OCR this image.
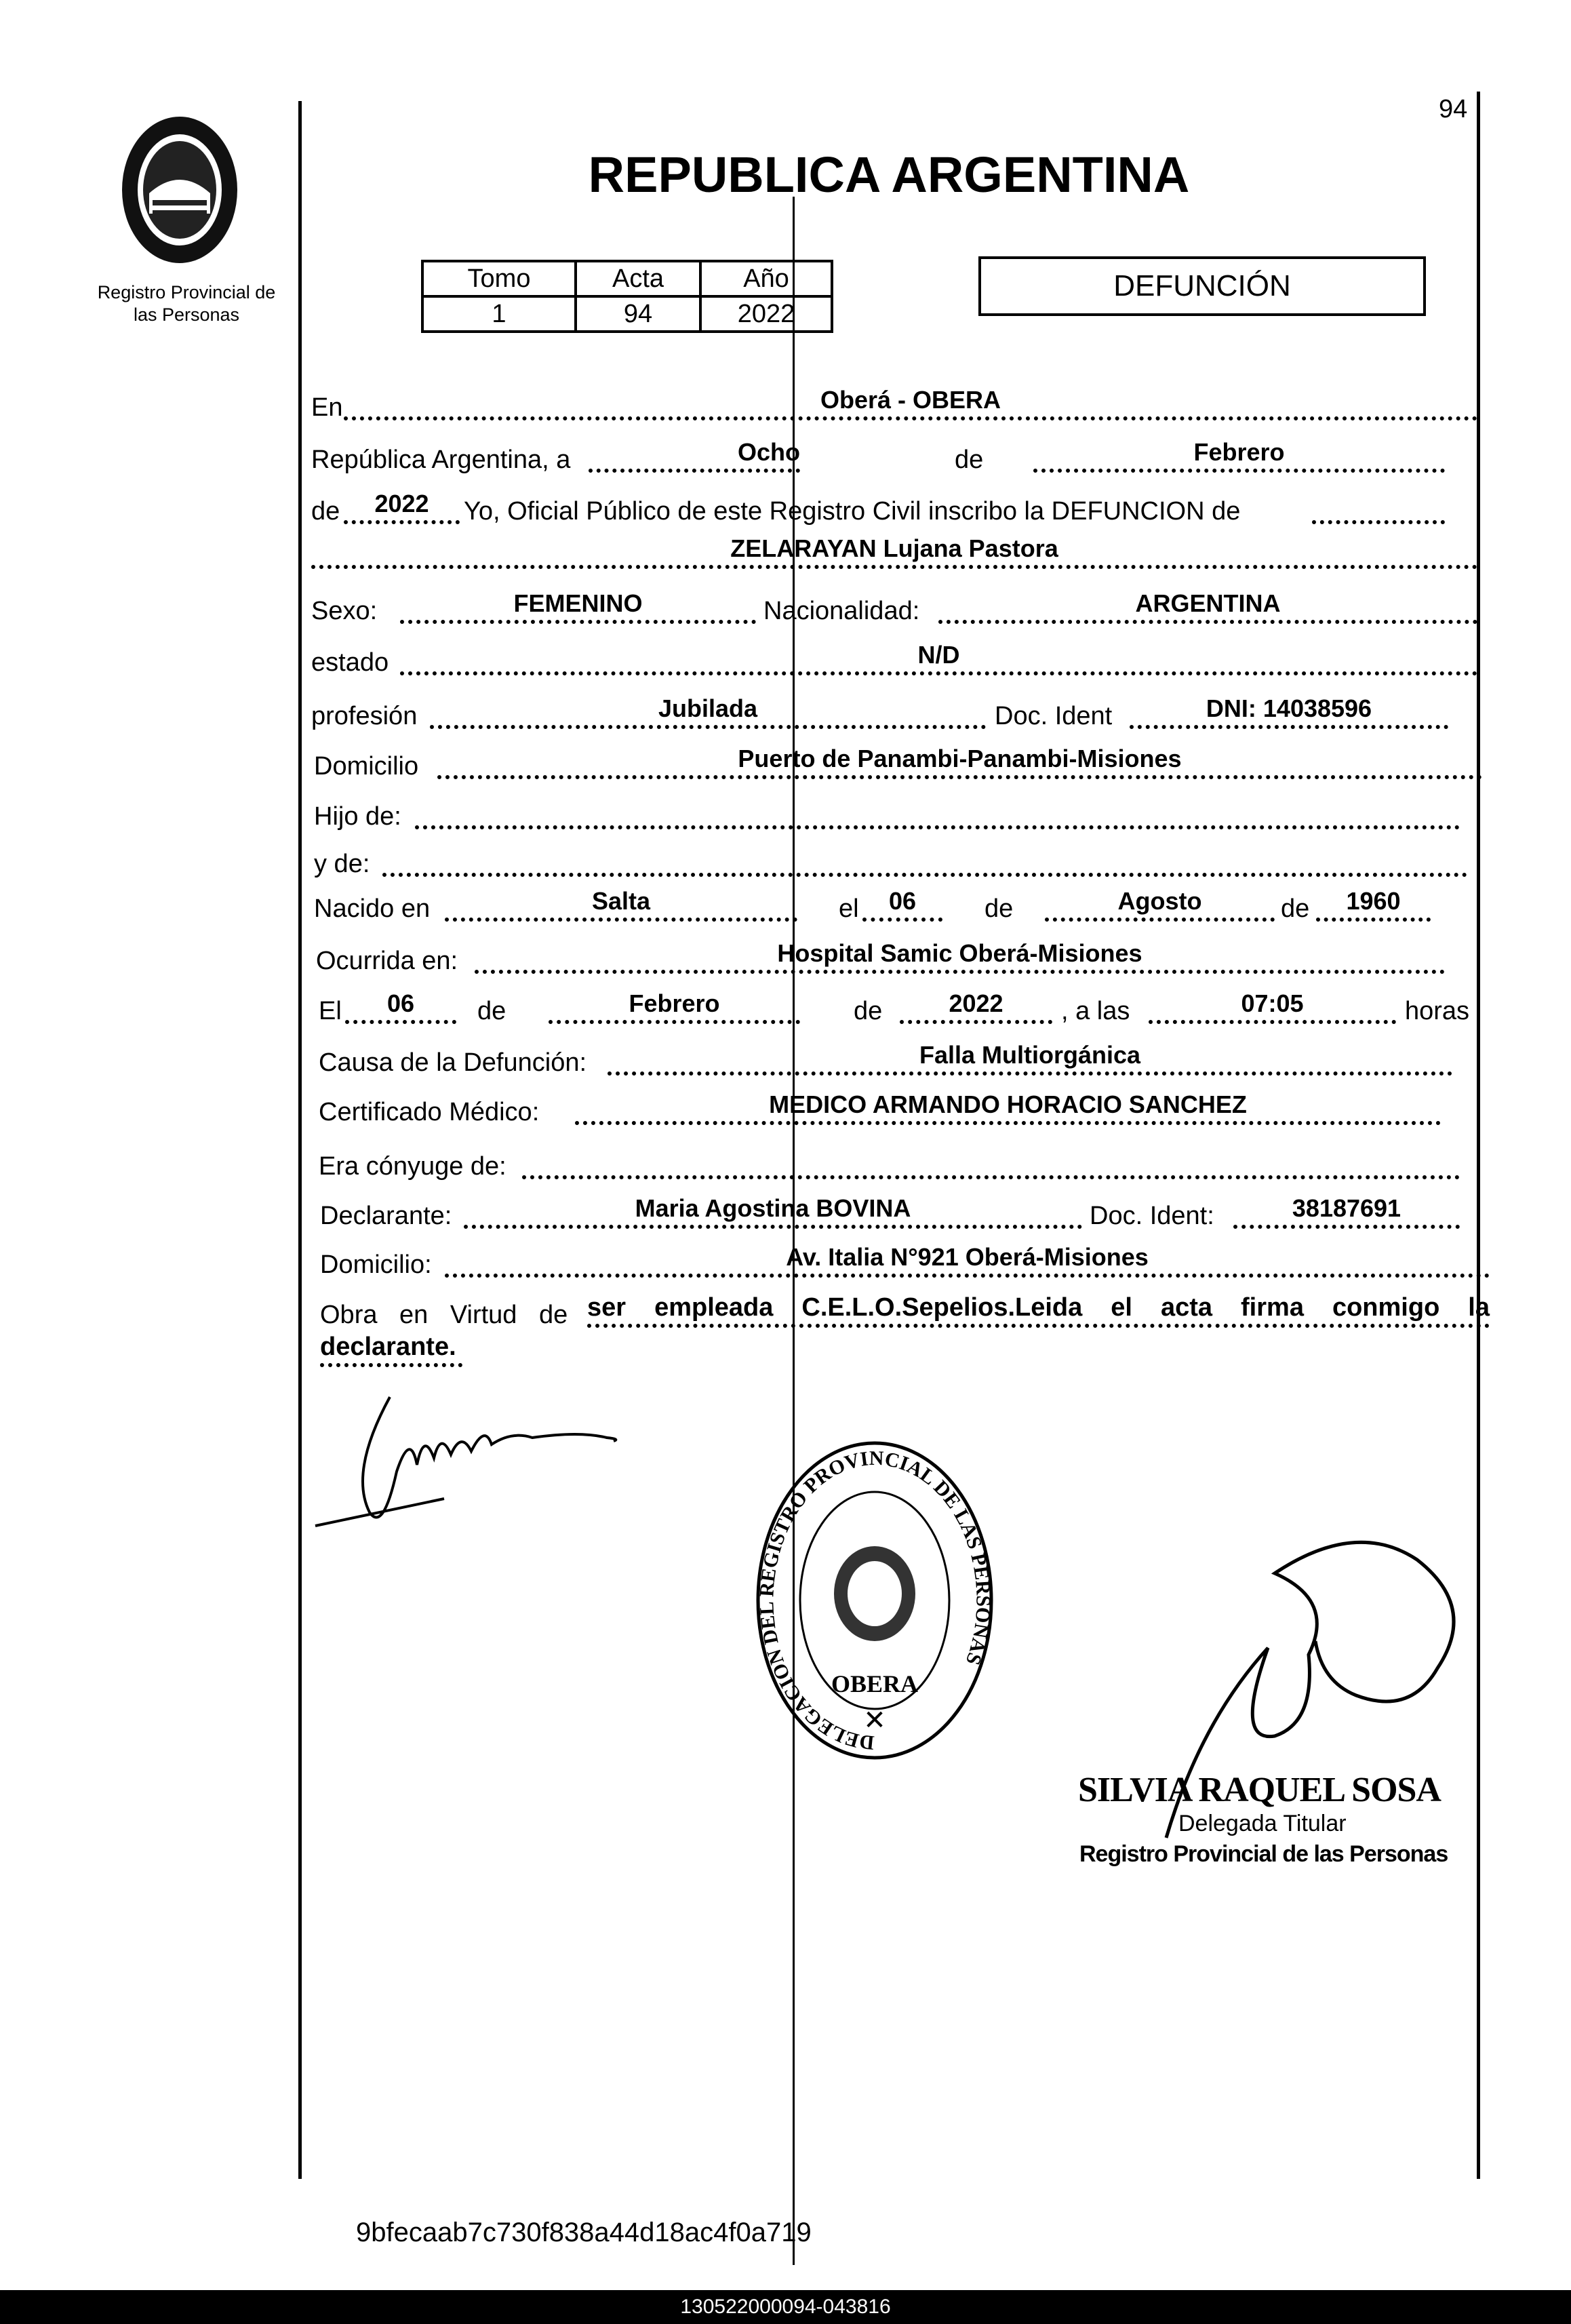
Registro Provincial de
las Personas
94
REPUBLICA ARGENTINA
Tomo	Acta	Año
1	94	2022
DEFUNCIÓN
En	Oberá - OBERA
República Argentina, a	Ocho	de	Febrero
de	2022	Yo, Oficial Público de este Registro Civil inscribo la DEFUNCION de
ZELARAYAN Lujana Pastora
Sexo:	FEMENINO	Nacionalidad:	ARGENTINA
estado	N/D
profesión	Jubilada	Doc. Ident	DNI: 14038596
Domicilio	Puerto de Panambi-Panambi-Misiones
Hijo de:
y de:
Nacido en	Salta	el	06	de	Agosto	de	1960
Ocurrida en:	Hospital Samic Oberá-Misiones
El	06	de	Febrero	de	2022	, a las	07:05	horas
Causa de la Defunción:	Falla Multiorgánica
Certificado Médico:	MEDICO ARMANDO HORACIO SANCHEZ
Era cónyuge de:
Declarante:	Maria Agostina BOVINA	Doc. Ident:	38187691
Domicilio:	Av. Italia N°921 Oberá-Misiones
Obra en Virtud de ser empleada C.E.L.O.Sepelios.Leida el acta firma conmigo la
declarante.
DELEGACION DEL REGISTRO PROVINCIAL DE LAS PERSONAS
OBERA
✕
SILVIA RAQUEL SOSA
Delegada Titular
Registro Provincial de las Personas
9bfecaab7c730f838a44d18ac4f0a719
130522000094-043816
